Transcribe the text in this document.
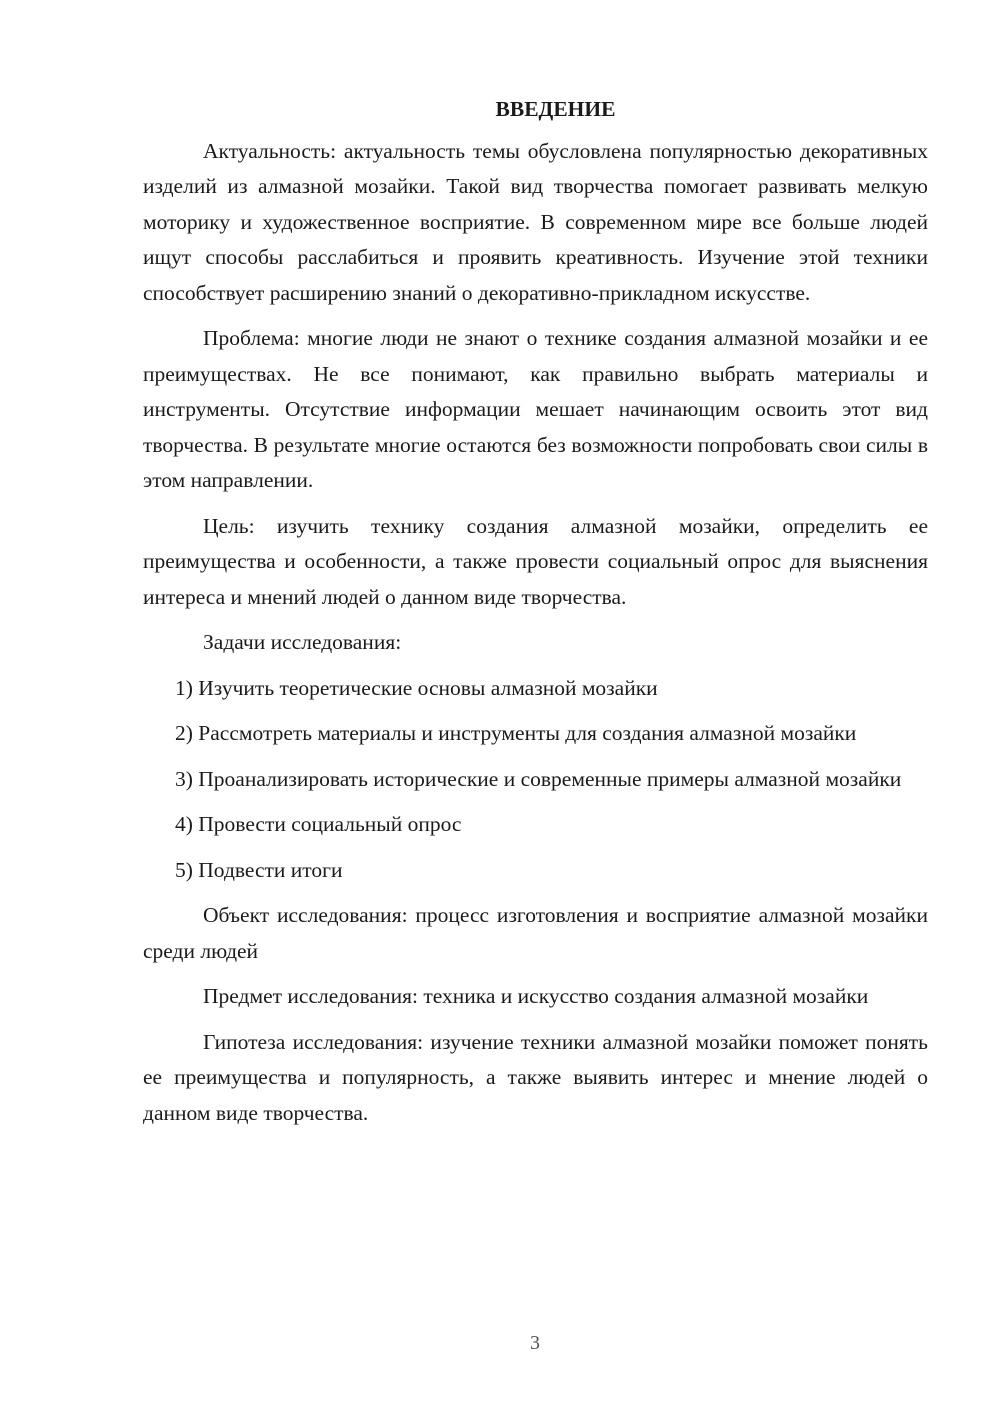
ВВЕДЕНИЕ

Актуальность: актуальность темы обусловлена популярностью декоративных изделий из алмазной мозайки. Такой вид творчества помогает развивать мелкую моторику и художественное восприятие. В современном мире все больше людей ищут способы расслабиться и проявить креативность. Изучение этой техники способствует расширению знаний о декоративно-прикладном искусстве.

Проблема: многие люди не знают о технике создания алмазной мозайки и ее преимуществах. Не все понимают, как правильно выбрать материалы и инструменты. Отсутствие информации мешает начинающим освоить этот вид творчества. В результате многие остаются без возможности попробовать свои силы в этом направлении.

Цель: изучить технику создания алмазной мозайки, определить ее преимущества и особенности, а также провести социальный опрос для выяснения интереса и мнений людей о данном виде творчества.

Задачи исследования:

1) Изучить теоретические основы алмазной мозайки

2) Рассмотреть материалы и инструменты для создания алмазной мозайки

3) Проанализировать исторические и современные примеры алмазной мозайки

4) Провести социальный опрос

5) Подвести итоги

Объект исследования: процесс изготовления и восприятие алмазной мозайки среди людей

Предмет исследования: техника и искусство создания алмазной мозайки

Гипотеза исследования: изучение техники алмазной мозайки поможет понять ее преимущества и популярность, а также выявить интерес и мнение людей о данном виде творчества.

3
